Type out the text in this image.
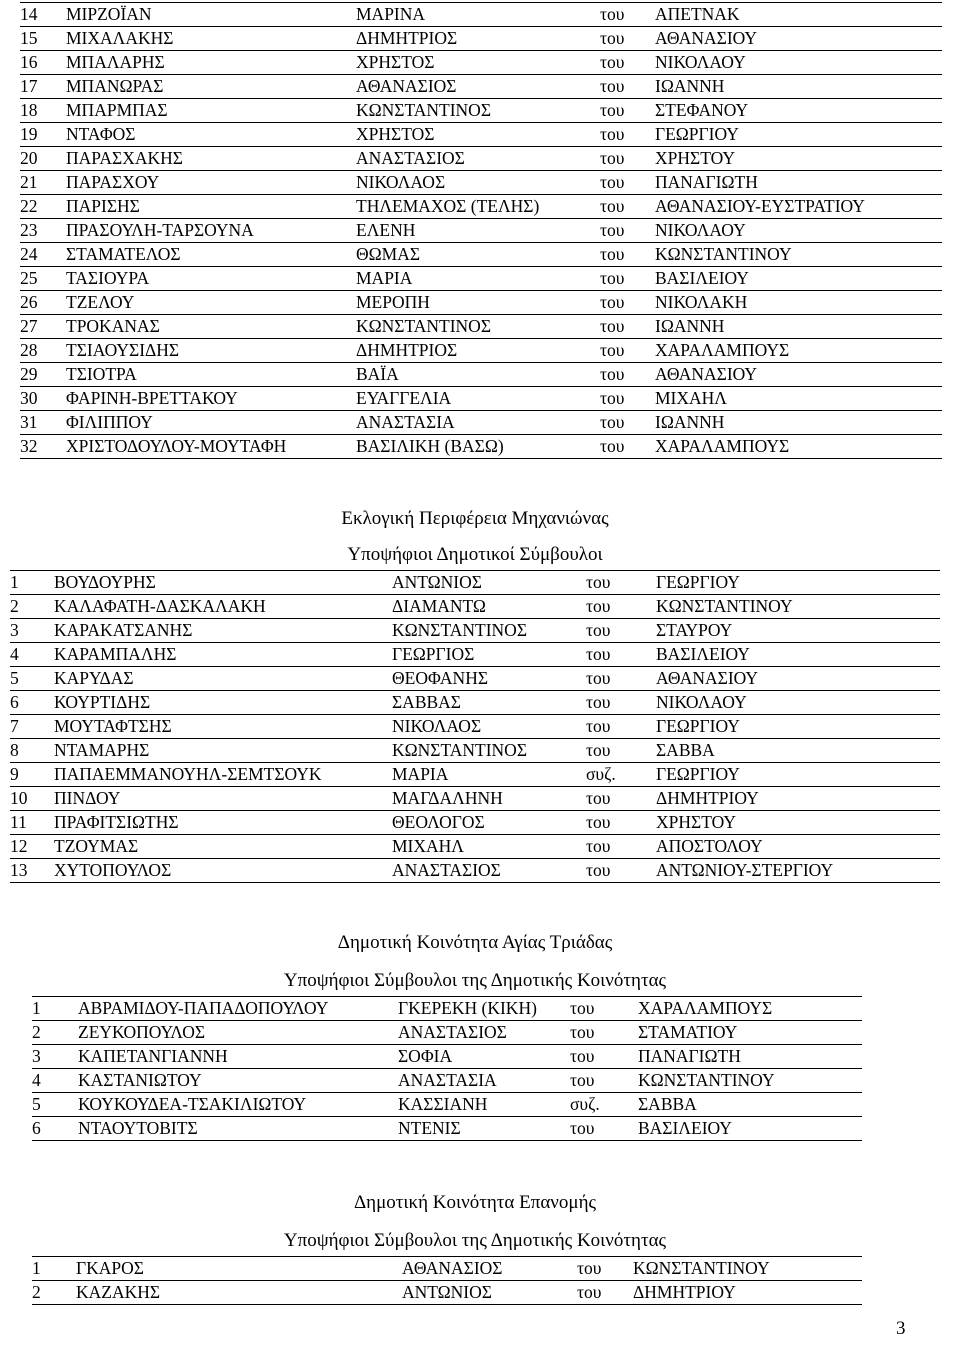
14	ΜΙΡΖΟΪΑΝ	ΜΑΡΙΝΑ	του	ΑΠΕΤΝΑΚ
15	ΜΙΧΑΛΑΚΗΣ	ΔΗΜΗΤΡΙΟΣ	του	ΑΘΑΝΑΣΙΟΥ
16	ΜΠΑΛΑΡΗΣ	ΧΡΗΣΤΟΣ	του	ΝΙΚΟΛΑΟΥ
17	ΜΠΑΝΩΡΑΣ	ΑΘΑΝΑΣΙΟΣ	του	ΙΩΑΝΝΗ
18	ΜΠΑΡΜΠΑΣ	ΚΩΝΣΤΑΝΤΙΝΟΣ	του	ΣΤΕΦΑΝΟΥ
19	ΝΤΑΦΟΣ	ΧΡΗΣΤΟΣ	του	ΓΕΩΡΓΙΟΥ
20	ΠΑΡΑΣΧΑΚΗΣ	ΑΝΑΣΤΑΣΙΟΣ	του	ΧΡΗΣΤΟΥ
21	ΠΑΡΑΣΧΟΥ	ΝΙΚΟΛΑΟΣ	του	ΠΑΝΑΓΙΩΤΗ
22	ΠΑΡΙΣΗΣ	ΤΗΛΕΜΑΧΟΣ (ΤΕΛΗΣ)	του	ΑΘΑΝΑΣΙΟΥ-ΕΥΣΤΡΑΤΙΟΥ
23	ΠΡΑΣΟΥΛΗ-ΤΑΡΣΟΥΝΑ	ΕΛΕΝΗ	του	ΝΙΚΟΛΑΟΥ
24	ΣΤΑΜΑΤΕΛΟΣ	ΘΩΜΑΣ	του	ΚΩΝΣΤΑΝΤΙΝΟΥ
25	ΤΑΣΙΟΥΡΑ	ΜΑΡΙΑ	του	ΒΑΣΙΛΕΙΟΥ
26	ΤΖΕΛΟΥ	ΜΕΡΟΠΗ	του	ΝΙΚΟΛΑΚΗ
27	ΤΡΟΚΑΝΑΣ	ΚΩΝΣΤΑΝΤΙΝΟΣ	του	ΙΩΑΝΝΗ
28	ΤΣΙΑΟΥΣΙΔΗΣ	ΔΗΜΗΤΡΙΟΣ	του	ΧΑΡΑΛΑΜΠΟΥΣ
29	ΤΣΙΟΤΡΑ	ΒΑΪΑ	του	ΑΘΑΝΑΣΙΟΥ
30	ΦΑΡΙΝΗ-ΒΡΕΤΤΑΚΟΥ	ΕΥΑΓΓΕΛΙΑ	του	ΜΙΧΑΗΛ
31	ΦΙΛΙΠΠΟΥ	ΑΝΑΣΤΑΣΙΑ	του	ΙΩΑΝΝΗ
32	ΧΡΙΣΤΟΔΟΥΛΟΥ-ΜΟΥΤΑΦΗ	ΒΑΣΙΛΙΚΗ (ΒΑΣΩ)	του	ΧΑΡΑΛΑΜΠΟΥΣ
Εκλογική Περιφέρεια Μηχανιώνας
Υποψήφιοι Δημοτικοί Σύμβουλοι
1	ΒΟΥΔΟΥΡΗΣ	ΑΝΤΩΝΙΟΣ	του	ΓΕΩΡΓΙΟΥ
2	ΚΑΛΑΦΑΤΗ-ΔΑΣΚΑΛΑΚΗ	ΔΙΑΜΑΝΤΩ	του	ΚΩΝΣΤΑΝΤΙΝΟΥ
3	ΚΑΡΑΚΑΤΣΑΝΗΣ	ΚΩΝΣΤΑΝΤΙΝΟΣ	του	ΣΤΑΥΡΟΥ
4	ΚΑΡΑΜΠΑΛΗΣ	ΓΕΩΡΓΙΟΣ	του	ΒΑΣΙΛΕΙΟΥ
5	ΚΑΡΥΔΑΣ	ΘΕΟΦΑΝΗΣ	του	ΑΘΑΝΑΣΙΟΥ
6	ΚΟΥΡΤΙΔΗΣ	ΣΑΒΒΑΣ	του	ΝΙΚΟΛΑΟΥ
7	ΜΟΥΤΑΦΤΣΗΣ	ΝΙΚΟΛΑΟΣ	του	ΓΕΩΡΓΙΟΥ
8	ΝΤΑΜΑΡΗΣ	ΚΩΝΣΤΑΝΤΙΝΟΣ	του	ΣΑΒΒΑ
9	ΠΑΠΑΕΜΜΑΝΟΥΗΛ-ΣΕΜΤΣΟΥΚ	ΜΑΡΙΑ	συζ.	ΓΕΩΡΓΙΟΥ
10	ΠΙΝΔΟΥ	ΜΑΓΔΑΛΗΝΗ	του	ΔΗΜΗΤΡΙΟΥ
11	ΠΡΑΦΙΤΣΙΩΤΗΣ	ΘΕΟΛΟΓΟΣ	του	ΧΡΗΣΤΟΥ
12	ΤΖΟΥΜΑΣ	ΜΙΧΑΗΛ	του	ΑΠΟΣΤΟΛΟΥ
13	ΧΥΤΟΠΟΥΛΟΣ	ΑΝΑΣΤΑΣΙΟΣ	του	ΑΝΤΩΝΙΟΥ-ΣΤΕΡΓΙΟΥ
Δημοτική Κοινότητα Αγίας Τριάδας
Υποψήφιοι Σύμβουλοι της Δημοτικής Κοινότητας
1	ΑΒΡΑΜΙΔΟΥ-ΠΑΠΑΔΟΠΟΥΛΟΥ	ΓΚΕΡΕΚΗ (ΚΙΚΗ)	του	ΧΑΡΑΛΑΜΠΟΥΣ
2	ΖΕΥΚΟΠΟΥΛΟΣ	ΑΝΑΣΤΑΣΙΟΣ	του	ΣΤΑΜΑΤΙΟΥ
3	ΚΑΠΕΤΑΝΓΙΑΝΝΗ	ΣΟΦΙΑ	του	ΠΑΝΑΓΙΩΤΗ
4	ΚΑΣΤΑΝΙΩΤΟΥ	ΑΝΑΣΤΑΣΙΑ	του	ΚΩΝΣΤΑΝΤΙΝΟΥ
5	ΚΟΥΚΟΥΔΕΑ-ΤΣΑΚΙΛΙΩΤΟΥ	ΚΑΣΣΙΑΝΗ	συζ.	ΣΑΒΒΑ
6	ΝΤΑΟΥΤΟΒΙΤΣ	ΝΤΕΝΙΣ	του	ΒΑΣΙΛΕΙΟΥ
Δημοτική Κοινότητα Επανομής
Υποψήφιοι Σύμβουλοι της Δημοτικής Κοινότητας
1	ΓΚΑΡΟΣ	ΑΘΑΝΑΣΙΟΣ	του	ΚΩΝΣΤΑΝΤΙΝΟΥ
2	ΚΑΖΑΚΗΣ	ΑΝΤΩΝΙΟΣ	του	ΔΗΜΗΤΡΙΟΥ
3
